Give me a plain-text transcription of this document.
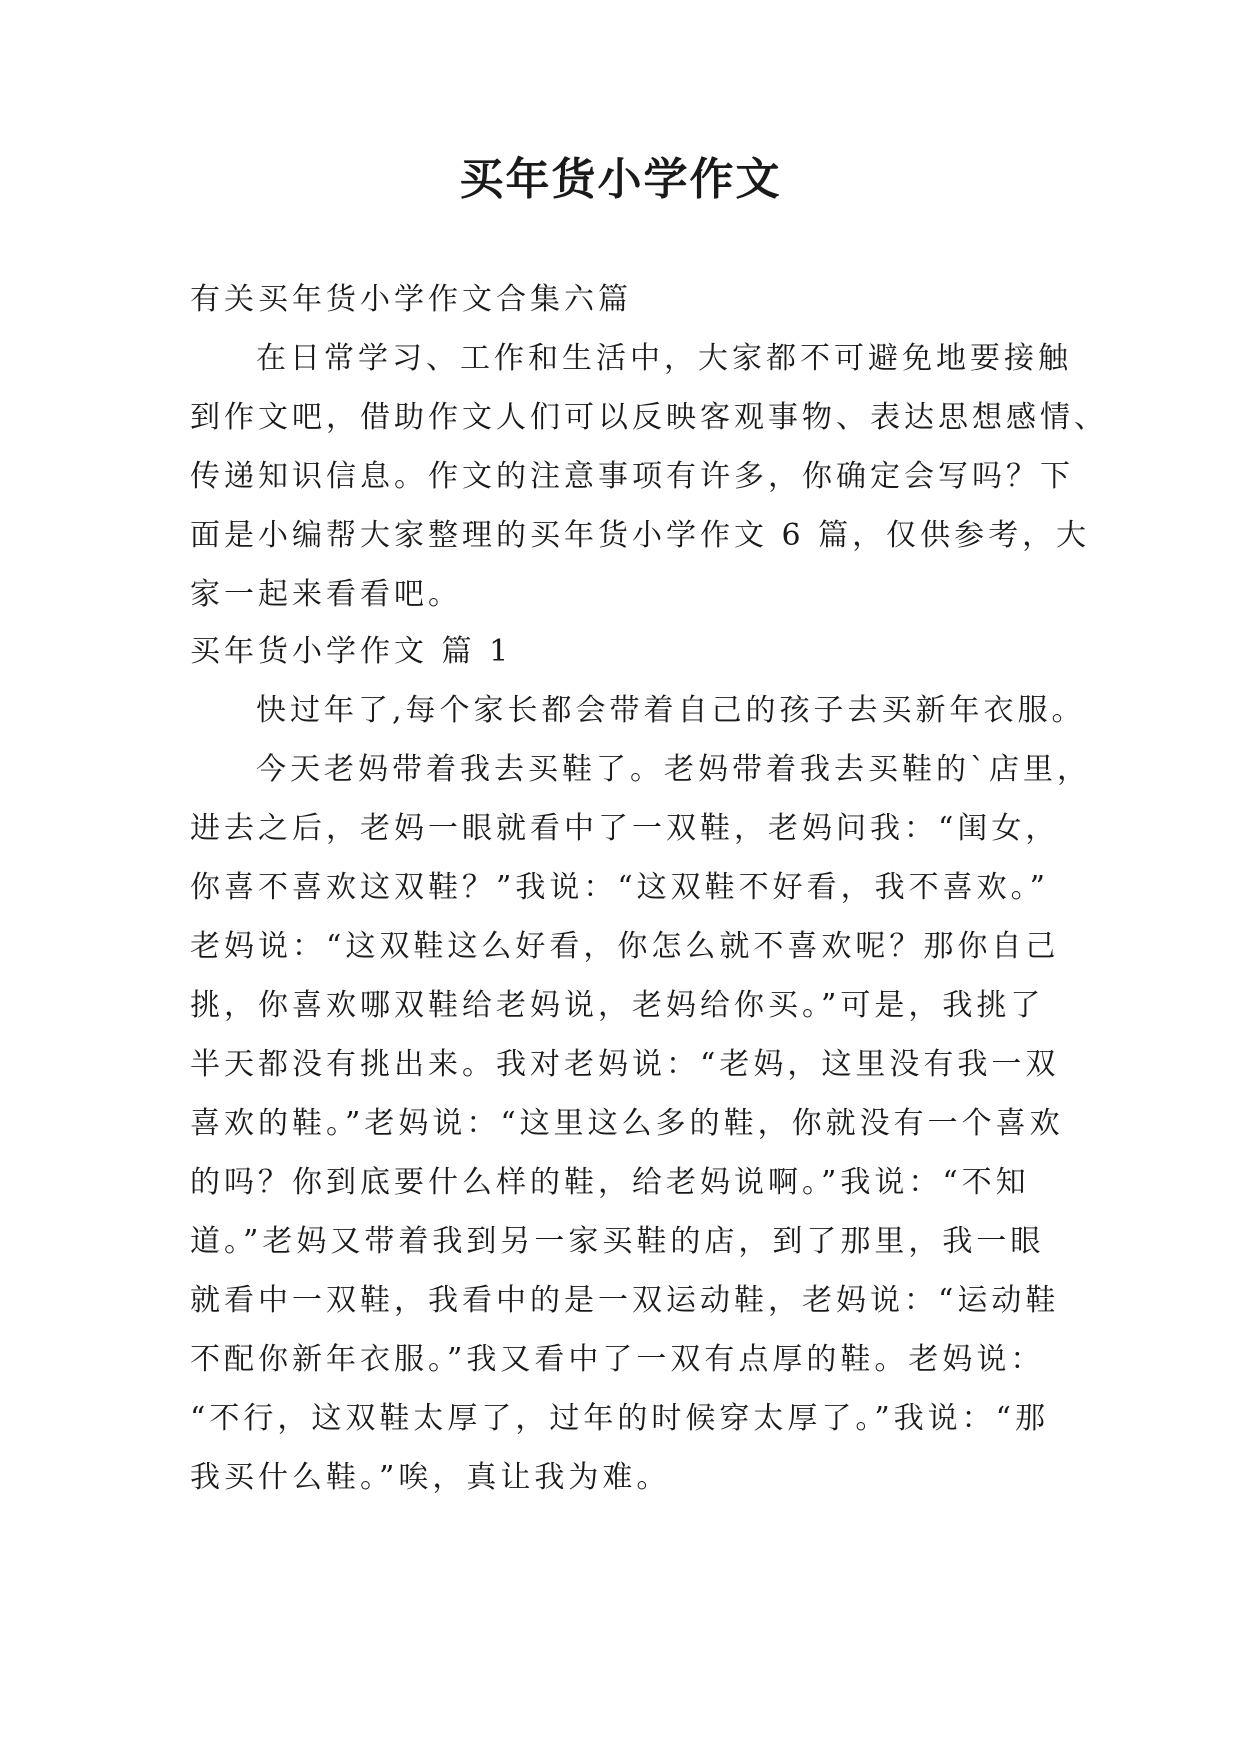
买年货小学作文

有关买年货小学作文合集六篇

在日常学习、工作和生活中，大家都不可避免地要接触
到作文吧，借助作文人们可以反映客观事物、表达思想感情、
传递知识信息。作文的注意事项有许多，你确定会写吗？下
面是小编帮大家整理的买年货小学作文 6 篇，仅供参考，大
家一起来看看吧。

买年货小学作文 篇 1

快过年了,每个家长都会带着自己的孩子去买新年衣服。
今天老妈带着我去买鞋了。老妈带着我去买鞋的`店里，
进去之后，老妈一眼就看中了一双鞋，老妈问我：“闺女，
你喜不喜欢这双鞋？”我说：“这双鞋不好看，我不喜欢。”
老妈说：“这双鞋这么好看，你怎么就不喜欢呢？那你自己
挑，你喜欢哪双鞋给老妈说，老妈给你买。”可是，我挑了
半天都没有挑出来。我对老妈说：“老妈，这里没有我一双
喜欢的鞋。”老妈说：“这里这么多的鞋，你就没有一个喜欢
的吗？你到底要什么样的鞋，给老妈说啊。”我说：“不知
道。”老妈又带着我到另一家买鞋的店，到了那里，我一眼
就看中一双鞋，我看中的是一双运动鞋，老妈说：“运动鞋
不配你新年衣服。”我又看中了一双有点厚的鞋。老妈说：
“不行，这双鞋太厚了，过年的时候穿太厚了。”我说：“那
我买什么鞋。”唉，真让我为难。
